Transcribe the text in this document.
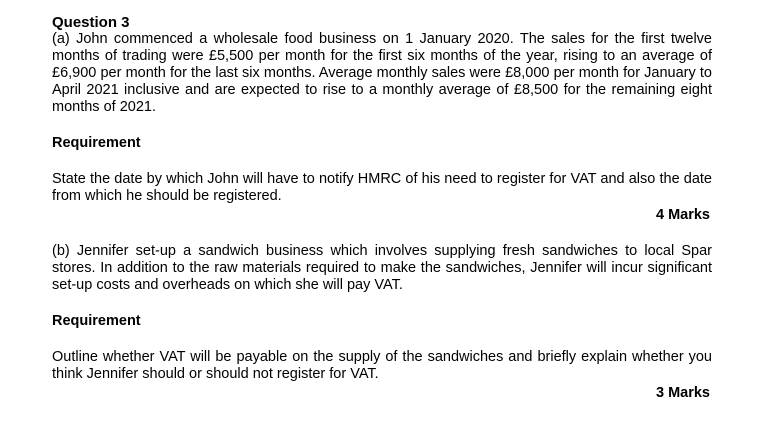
Question 3

(a) John commenced a wholesale food business on 1 January 2020. The sales for the first twelve months of trading were £5,500 per month for the first six months of the year, rising to an average of £6,900 per month for the last six months. Average monthly sales were £8,000 per month for January to April 2021 inclusive and are expected to rise to a monthly average of £8,500 for the remaining eight months of 2021.

Requirement

State the date by which John will have to notify HMRC of his need to register for VAT and also the date from which he should be registered.

4 Marks

(b) Jennifer set-up a sandwich business which involves supplying fresh sandwiches to local Spar stores. In addition to the raw materials required to make the sandwiches, Jennifer will incur significant set-up costs and overheads on which she will pay VAT.

Requirement

Outline whether VAT will be payable on the supply of the sandwiches and briefly explain whether you think Jennifer should or should not register for VAT.

3 Marks
